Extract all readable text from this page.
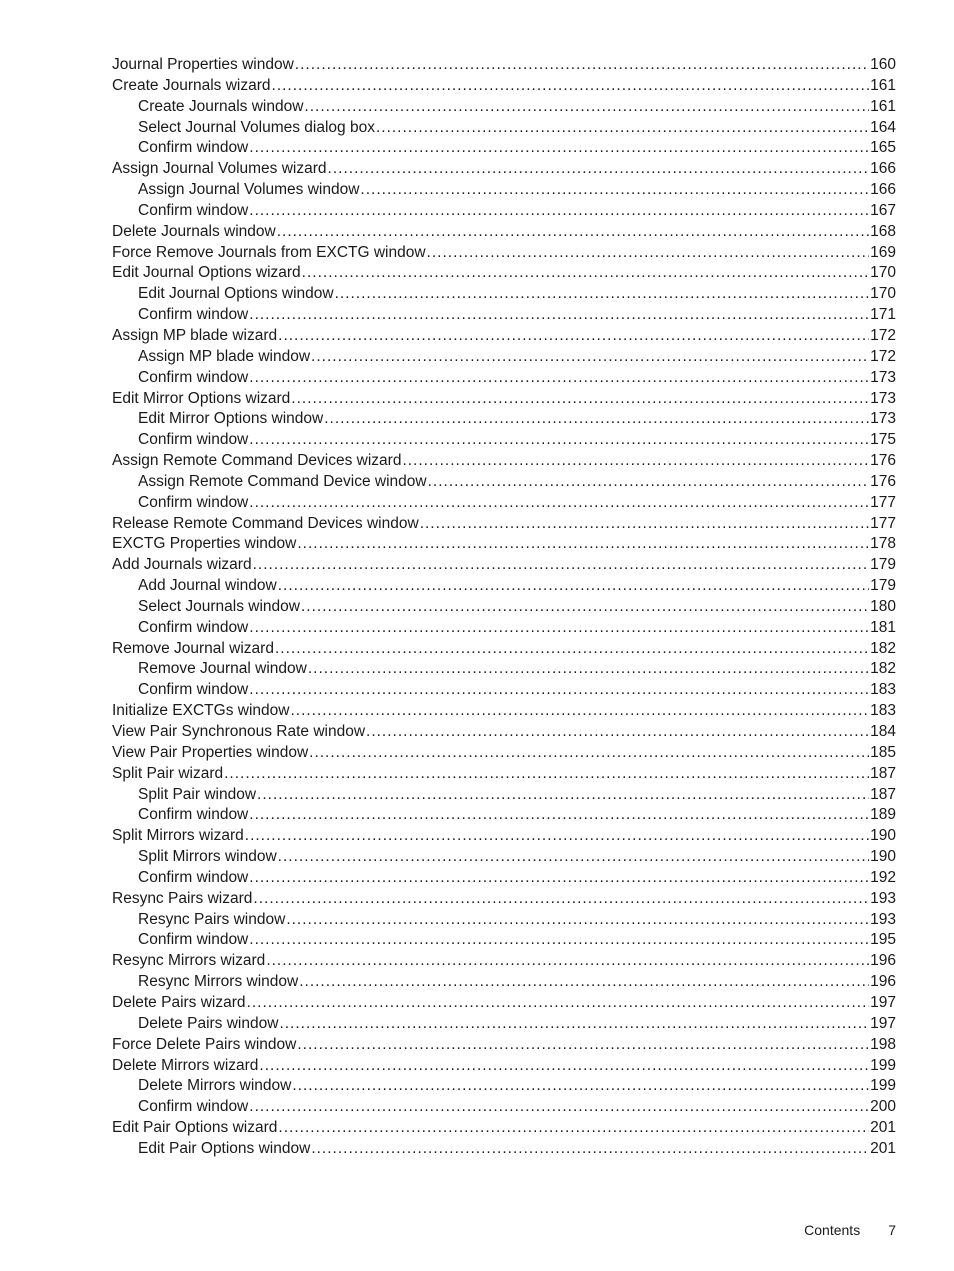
Journal Properties window .....	160
Create Journals wizard .....	161
Create Journals window .....	161
Select Journal Volumes dialog box .....	164
Confirm window .....	165
Assign Journal Volumes wizard .....	166
Assign Journal Volumes window .....	166
Confirm window .....	167
Delete Journals window .....	168
Force Remove Journals from EXCTG window .....	169
Edit Journal Options wizard .....	170
Edit Journal Options window .....	170
Confirm window .....	171
Assign MP blade wizard .....	172
Assign MP blade window .....	172
Confirm window .....	173
Edit Mirror Options wizard .....	173
Edit Mirror Options window .....	173
Confirm window .....	175
Assign Remote Command Devices wizard .....	176
Assign Remote Command Device window .....	176
Confirm window .....	177
Release Remote Command Devices window .....	177
EXCTG Properties window .....	178
Add Journals wizard .....	179
Add Journal window .....	179
Select Journals window .....	180
Confirm window .....	181
Remove Journal wizard .....	182
Remove Journal window .....	182
Confirm window .....	183
Initialize EXCTGs window .....	183
View Pair Synchronous Rate window .....	184
View Pair Properties window .....	185
Split Pair wizard .....	187
Split Pair window .....	187
Confirm window .....	189
Split Mirrors wizard .....	190
Split Mirrors window .....	190
Confirm window .....	192
Resync Pairs wizard .....	193
Resync Pairs window .....	193
Confirm window .....	195
Resync Mirrors wizard .....	196
Resync Mirrors window .....	196
Delete Pairs wizard .....	197
Delete Pairs window .....	197
Force Delete Pairs window .....	198
Delete Mirrors wizard .....	199
Delete Mirrors window .....	199
Confirm window .....	200
Edit Pair Options wizard .....	201
Edit Pair Options window .....	201
Contents 7
